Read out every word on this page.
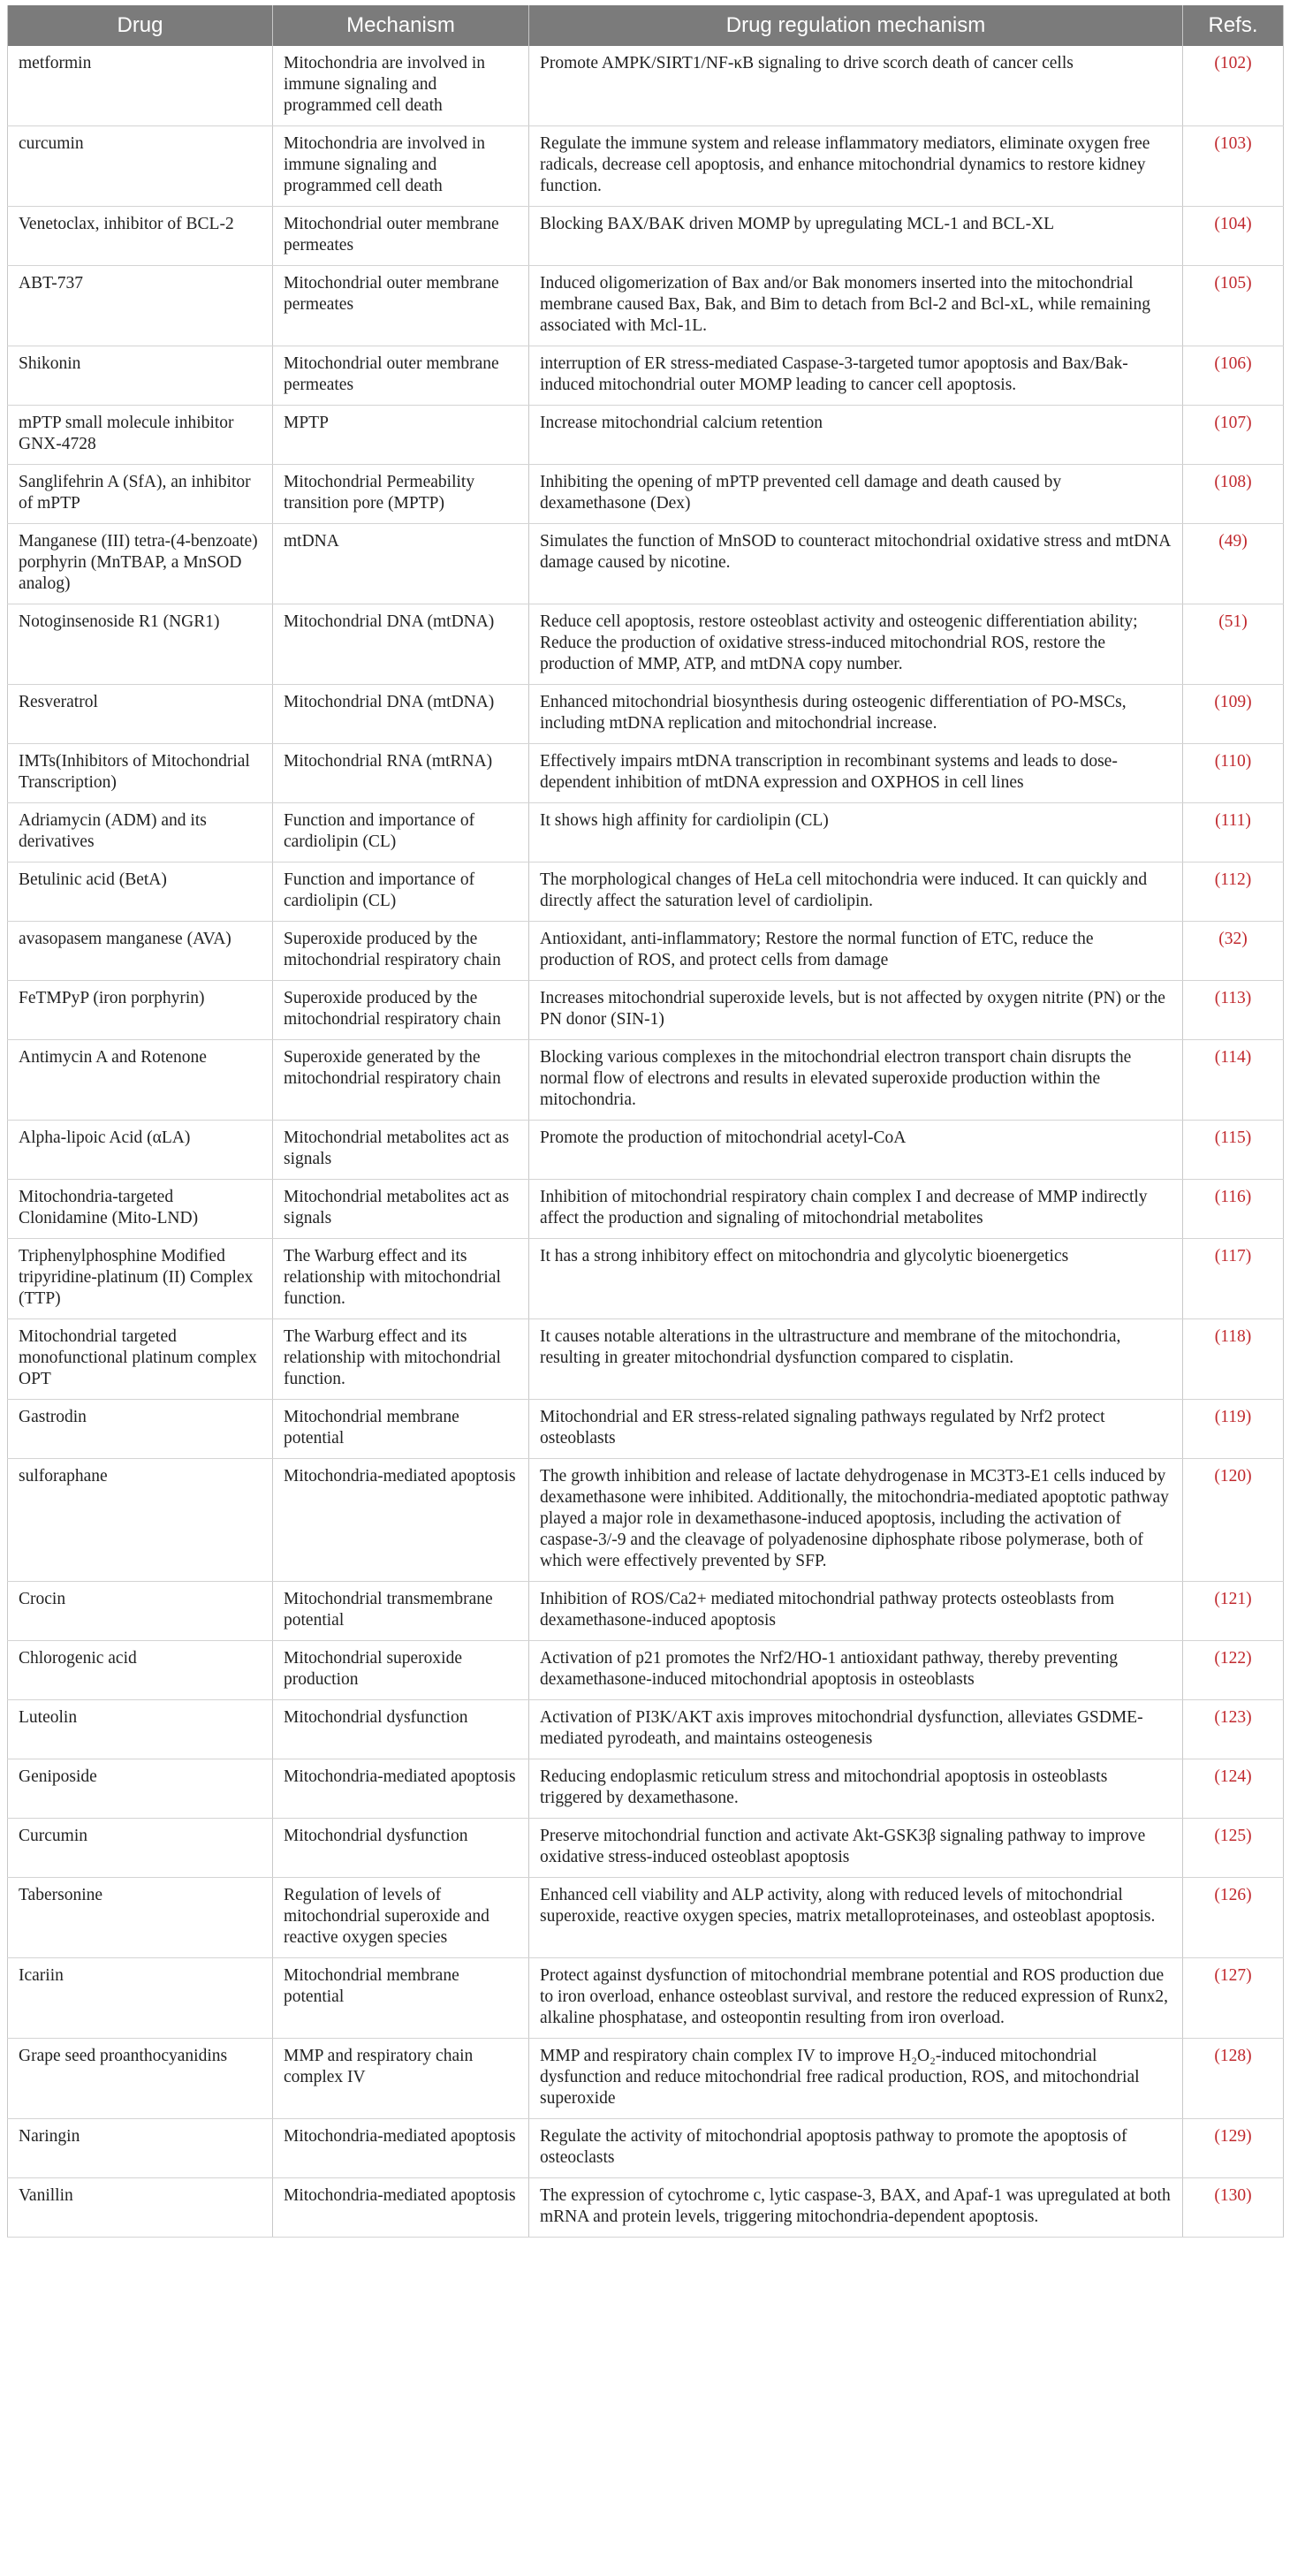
Drug	Mechanism	Drug regulation mechanism	Refs.
metformin	Mitochondria are involved in immune signaling and programmed cell death	Promote AMPK/SIRT1/NF-κB signaling to drive scorch death of cancer cells	(102)
curcumin	Mitochondria are involved in immune signaling and programmed cell death	Regulate the immune system and release inflammatory mediators, eliminate oxygen free radicals, decrease cell apoptosis, and enhance mitochondrial dynamics to restore kidney function.	(103)
Venetoclax, inhibitor of BCL-2	Mitochondrial outer membrane permeates	Blocking BAX/BAK driven MOMP by upregulating MCL-1 and BCL-XL	(104)
ABT-737	Mitochondrial outer membrane permeates	Induced oligomerization of Bax and/or Bak monomers inserted into the mitochondrial membrane caused Bax, Bak, and Bim to detach from Bcl-2 and Bcl-xL, while remaining associated with Mcl-1L.	(105)
Shikonin	Mitochondrial outer membrane permeates	interruption of ER stress-mediated Caspase-3-targeted tumor apoptosis and Bax/Bak-induced mitochondrial outer MOMP leading to cancer cell apoptosis.	(106)
mPTP small molecule inhibitor GNX-4728	MPTP	Increase mitochondrial calcium retention	(107)
Sanglifehrin A (SfA), an inhibitor of mPTP	Mitochondrial Permeability transition pore (MPTP)	Inhibiting the opening of mPTP prevented cell damage and death caused by dexamethasone (Dex)	(108)
Manganese (III) tetra-(4-benzoate) porphyrin (MnTBAP, a MnSOD analog)	mtDNA	Simulates the function of MnSOD to counteract mitochondrial oxidative stress and mtDNA damage caused by nicotine.	(49)
Notoginsenoside R1 (NGR1)	Mitochondrial DNA (mtDNA)	Reduce cell apoptosis, restore osteoblast activity and osteogenic differentiation ability; Reduce the production of oxidative stress-induced mitochondrial ROS, restore the production of MMP, ATP, and mtDNA copy number.	(51)
Resveratrol	Mitochondrial DNA (mtDNA)	Enhanced mitochondrial biosynthesis during osteogenic differentiation of PO-MSCs, including mtDNA replication and mitochondrial increase.	(109)
IMTs(Inhibitors of Mitochondrial Transcription)	Mitochondrial RNA (mtRNA)	Effectively impairs mtDNA transcription in recombinant systems and leads to dose-dependent inhibition of mtDNA expression and OXPHOS in cell lines	(110)
Adriamycin (ADM) and its derivatives	Function and importance of cardiolipin (CL)	It shows high affinity for cardiolipin (CL)	(111)
Betulinic acid (BetA)	Function and importance of cardiolipin (CL)	The morphological changes of HeLa cell mitochondria were induced. It can quickly and directly affect the saturation level of cardiolipin.	(112)
avasopasem manganese (AVA)	Superoxide produced by the mitochondrial respiratory chain	Antioxidant, anti-inflammatory; Restore the normal function of ETC, reduce the production of ROS, and protect cells from damage	(32)
FeTMPyP (iron porphyrin)	Superoxide produced by the mitochondrial respiratory chain	Increases mitochondrial superoxide levels, but is not affected by oxygen nitrite (PN) or the PN donor (SIN-1)	(113)
Antimycin A and Rotenone	Superoxide generated by the mitochondrial respiratory chain	Blocking various complexes in the mitochondrial electron transport chain disrupts the normal flow of electrons and results in elevated superoxide production within the mitochondria.	(114)
Alpha-lipoic Acid (αLA)	Mitochondrial metabolites act as signals	Promote the production of mitochondrial acetyl-CoA	(115)
Mitochondria-targeted Clonidamine (Mito-LND)	Mitochondrial metabolites act as signals	Inhibition of mitochondrial respiratory chain complex I and decrease of MMP indirectly affect the production and signaling of mitochondrial metabolites	(116)
Triphenylphosphine Modified tripyridine-platinum (II) Complex (TTP)	The Warburg effect and its relationship with mitochondrial function.	It has a strong inhibitory effect on mitochondria and glycolytic bioenergetics	(117)
Mitochondrial targeted monofunctional platinum complex OPT	The Warburg effect and its relationship with mitochondrial function.	It causes notable alterations in the ultrastructure and membrane of the mitochondria, resulting in greater mitochondrial dysfunction compared to cisplatin.	(118)
Gastrodin	Mitochondrial membrane potential	Mitochondrial and ER stress-related signaling pathways regulated by Nrf2 protect osteoblasts	(119)
sulforaphane	Mitochondria-mediated apoptosis	The growth inhibition and release of lactate dehydrogenase in MC3T3-E1 cells induced by dexamethasone were inhibited. Additionally, the mitochondria-mediated apoptotic pathway played a major role in dexamethasone-induced apoptosis, including the activation of caspase-3/-9 and the cleavage of polyadenosine diphosphate ribose polymerase, both of which were effectively prevented by SFP.	(120)
Crocin	Mitochondrial transmembrane potential	Inhibition of ROS/Ca2+ mediated mitochondrial pathway protects osteoblasts from dexamethasone-induced apoptosis	(121)
Chlorogenic acid	Mitochondrial superoxide production	Activation of p21 promotes the Nrf2/HO-1 antioxidant pathway, thereby preventing dexamethasone-induced mitochondrial apoptosis in osteoblasts	(122)
Luteolin	Mitochondrial dysfunction	Activation of PI3K/AKT axis improves mitochondrial dysfunction, alleviates GSDME-mediated pyrodeath, and maintains osteogenesis	(123)
Geniposide	Mitochondria-mediated apoptosis	Reducing endoplasmic reticulum stress and mitochondrial apoptosis in osteoblasts triggered by dexamethasone.	(124)
Curcumin	Mitochondrial dysfunction	Preserve mitochondrial function and activate Akt-GSK3β signaling pathway to improve oxidative stress-induced osteoblast apoptosis	(125)
Tabersonine	Regulation of levels of mitochondrial superoxide and reactive oxygen species	Enhanced cell viability and ALP activity, along with reduced levels of mitochondrial superoxide, reactive oxygen species, matrix metalloproteinases, and osteoblast apoptosis.	(126)
Icariin	Mitochondrial membrane potential	Protect against dysfunction of mitochondrial membrane potential and ROS production due to iron overload, enhance osteoblast survival, and restore the reduced expression of Runx2, alkaline phosphatase, and osteopontin resulting from iron overload.	(127)
Grape seed proanthocyanidins	MMP and respiratory chain complex IV	MMP and respiratory chain complex IV to improve H₂O₂-induced mitochondrial dysfunction and reduce mitochondrial free radical production, ROS, and mitochondrial superoxide	(128)
Naringin	Mitochondria-mediated apoptosis	Regulate the activity of mitochondrial apoptosis pathway to promote the apoptosis of osteoclasts	(129)
Vanillin	Mitochondria-mediated apoptosis	The expression of cytochrome c, lytic caspase-3, BAX, and Apaf-1 was upregulated at both mRNA and protein levels, triggering mitochondria-dependent apoptosis.	(130)
